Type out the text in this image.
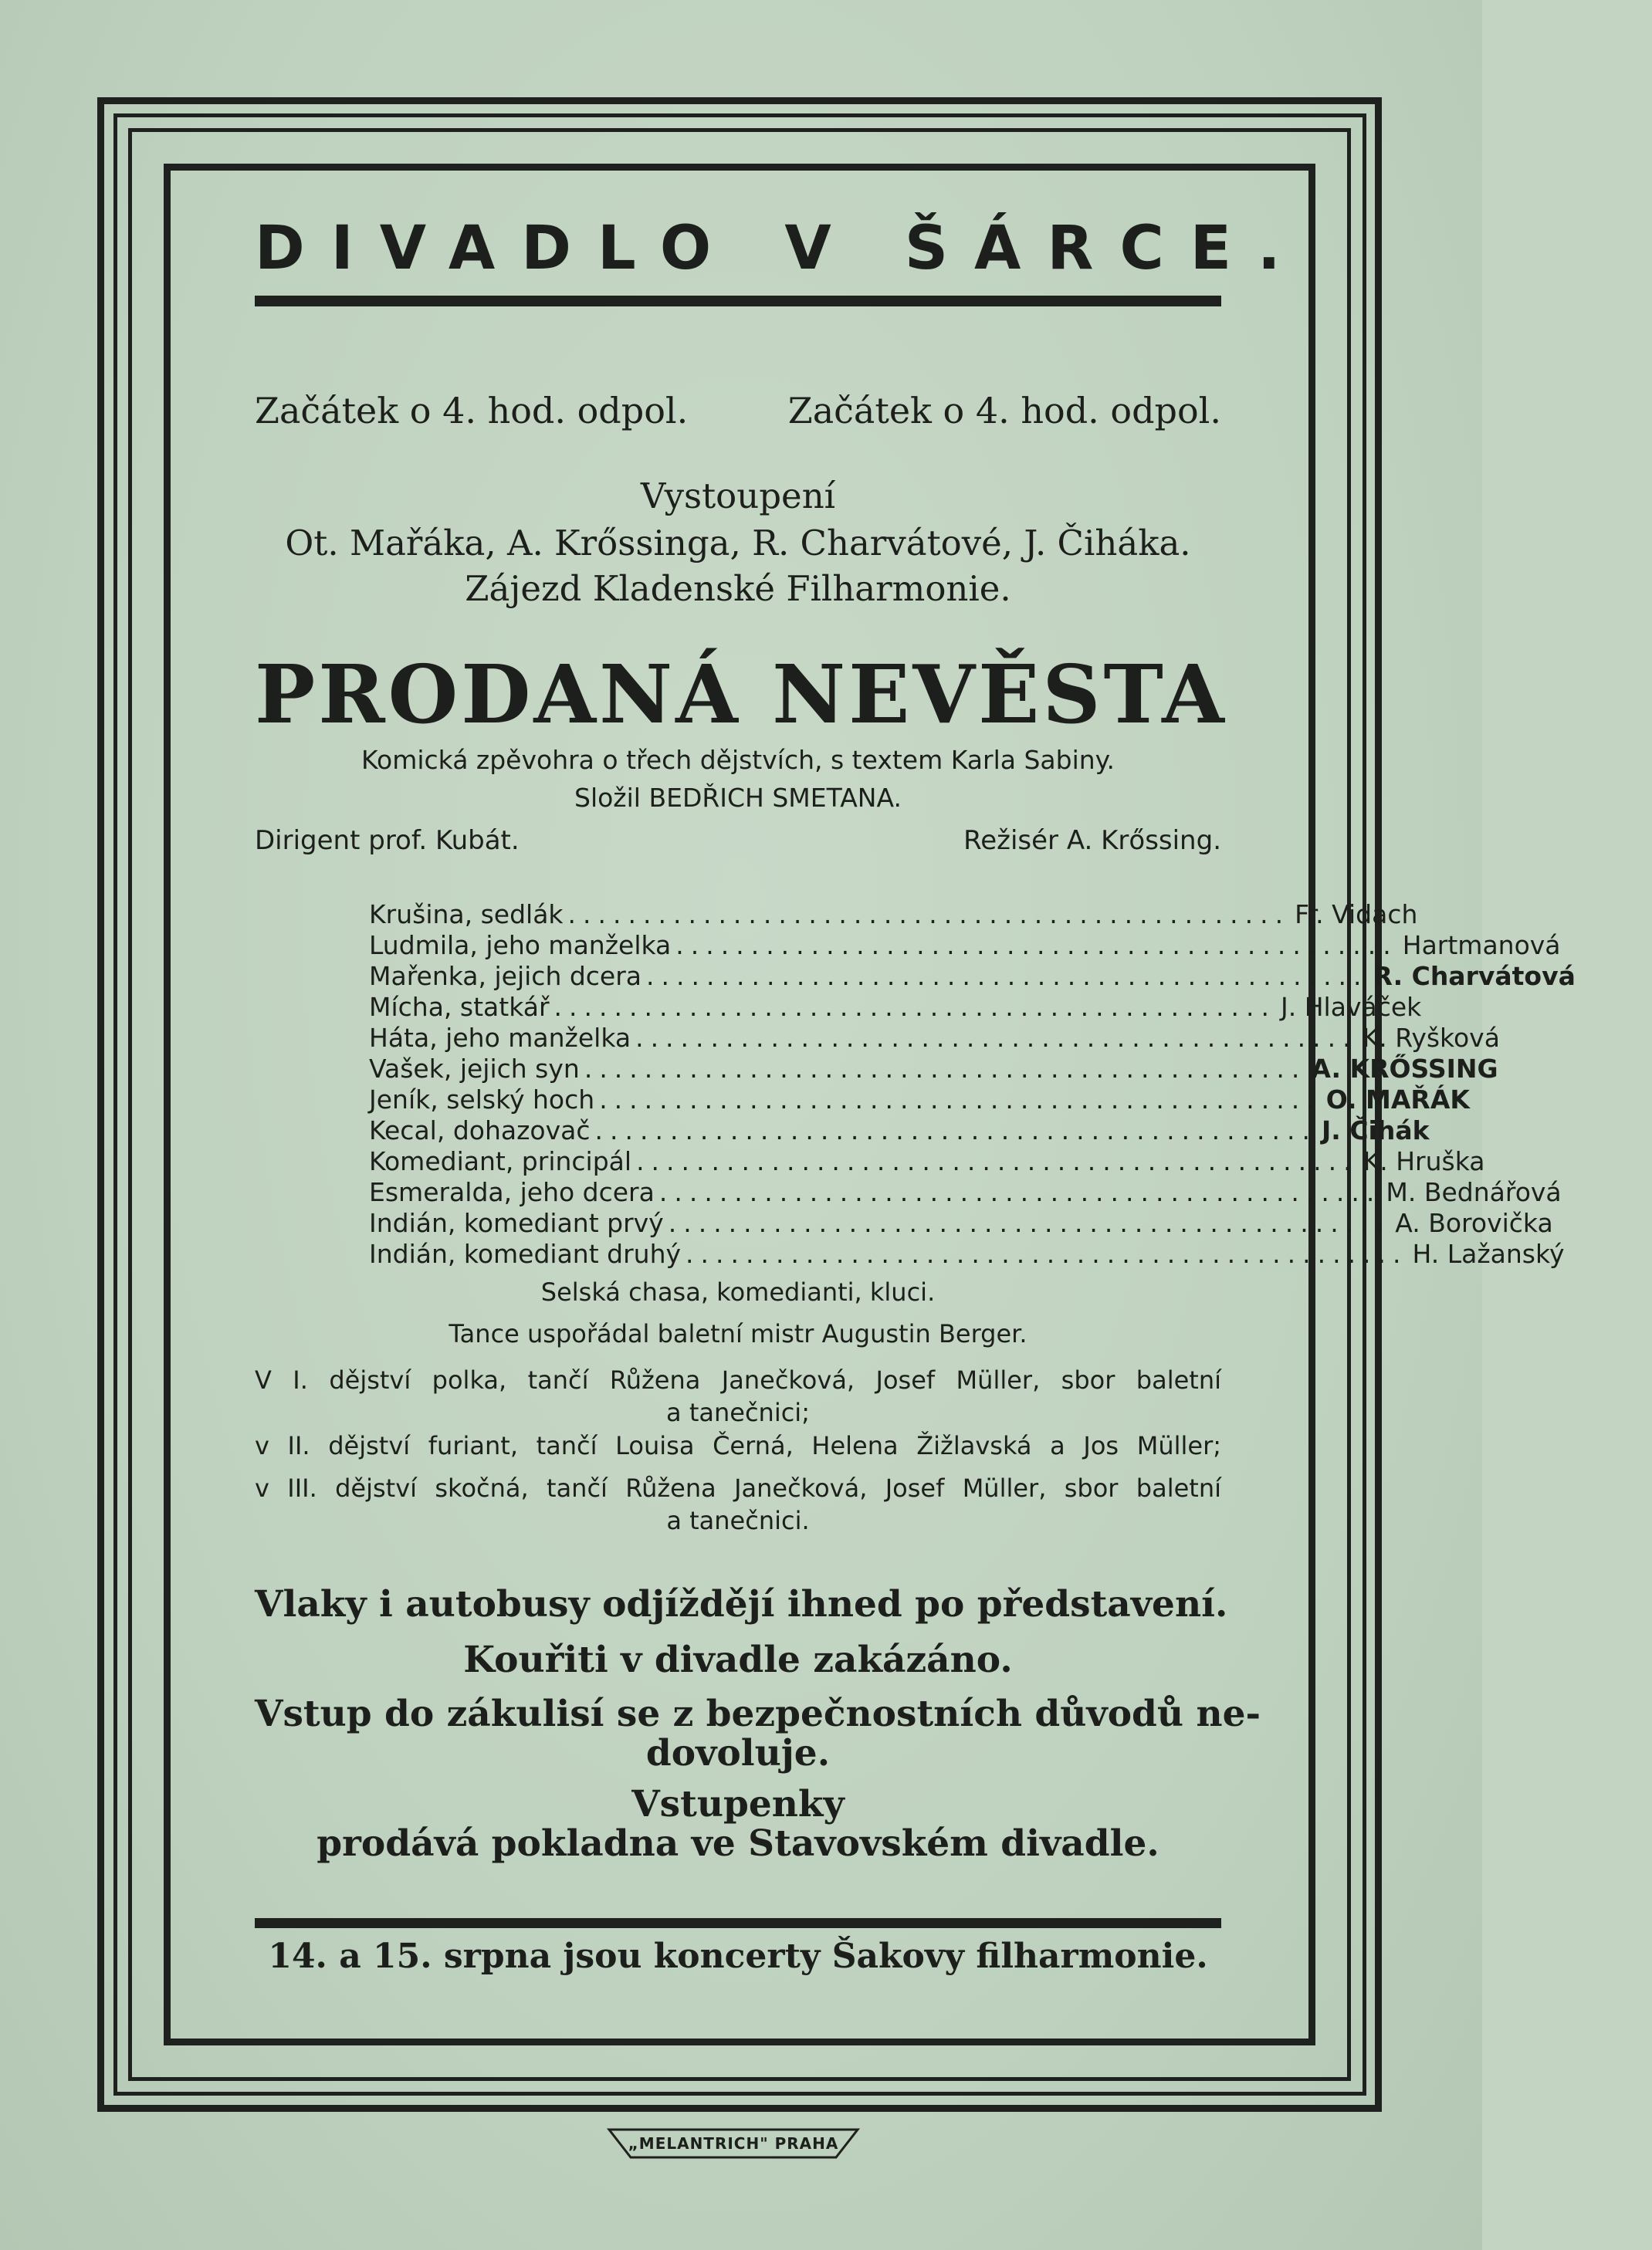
DIVADLO V ŠÁRCE.
Začátek o 4. hod. odpol.	Začátek o 4. hod. odpol.
Vystoupení
Ot. Mařáka, A. Krőssinga, R. Charvátové, J. Čiháka.
Zájezd Kladenské Filharmonie.
PRODANÁ NEVĚSTA
Komická zpěvohra o třech dějstvích, s textem Karla Sabiny.
Složil BEDŘICH SMETANA.
Dirigent prof. Kubát.	Režisér A. Krőssing.
Krušina, sedlák ................................................ Fr. Vidach
Ludmila, jeho manželka ................................................ Hartmanová
Mařenka, jejich dcera ................................................ R. Charvátová
Mícha, statkář ................................................ J. Hlaváček
Háta, jeho manželka ................................................ K. Ryšková
Vašek, jejich syn ................................................ A. KRŐSSING
Jeník, selský hoch ................................................ O. MAŘÁK
Kecal, dohazovač ................................................ J. Čihák
Komediant, principál ................................................ K. Hruška
Esmeralda, jeho dcera ................................................ M. Bednářová
Indián, komediant prvý ................................................ A. Borovička
Indián, komediant druhý ................................................ H. Lažanský
Selská chasa, komedianti, kluci.
Tance uspořádal baletní mistr Augustin Berger.
V I. dějství polka, tančí Růžena Janečková, Josef Müller, sbor baletní
a tanečnici;
v II. dějství furiant, tančí Louisa Černá, Helena Žižlavská a Jos Müller;
v III. dějství skočná, tančí Růžena Janečková, Josef Müller, sbor baletní
a tanečnici.
Vlaky i autobusy odjíždějí ihned po představení.
Kouřiti v divadle zakázáno.
Vstup do zákulisí se z bezpečnostních důvodů ne-
dovoluje.
Vstupenky
prodává pokladna ve Stavovském divadle.
14. a 15. srpna jsou koncerty Šakovy filharmonie.
„MELANTRICH" PRAHA
